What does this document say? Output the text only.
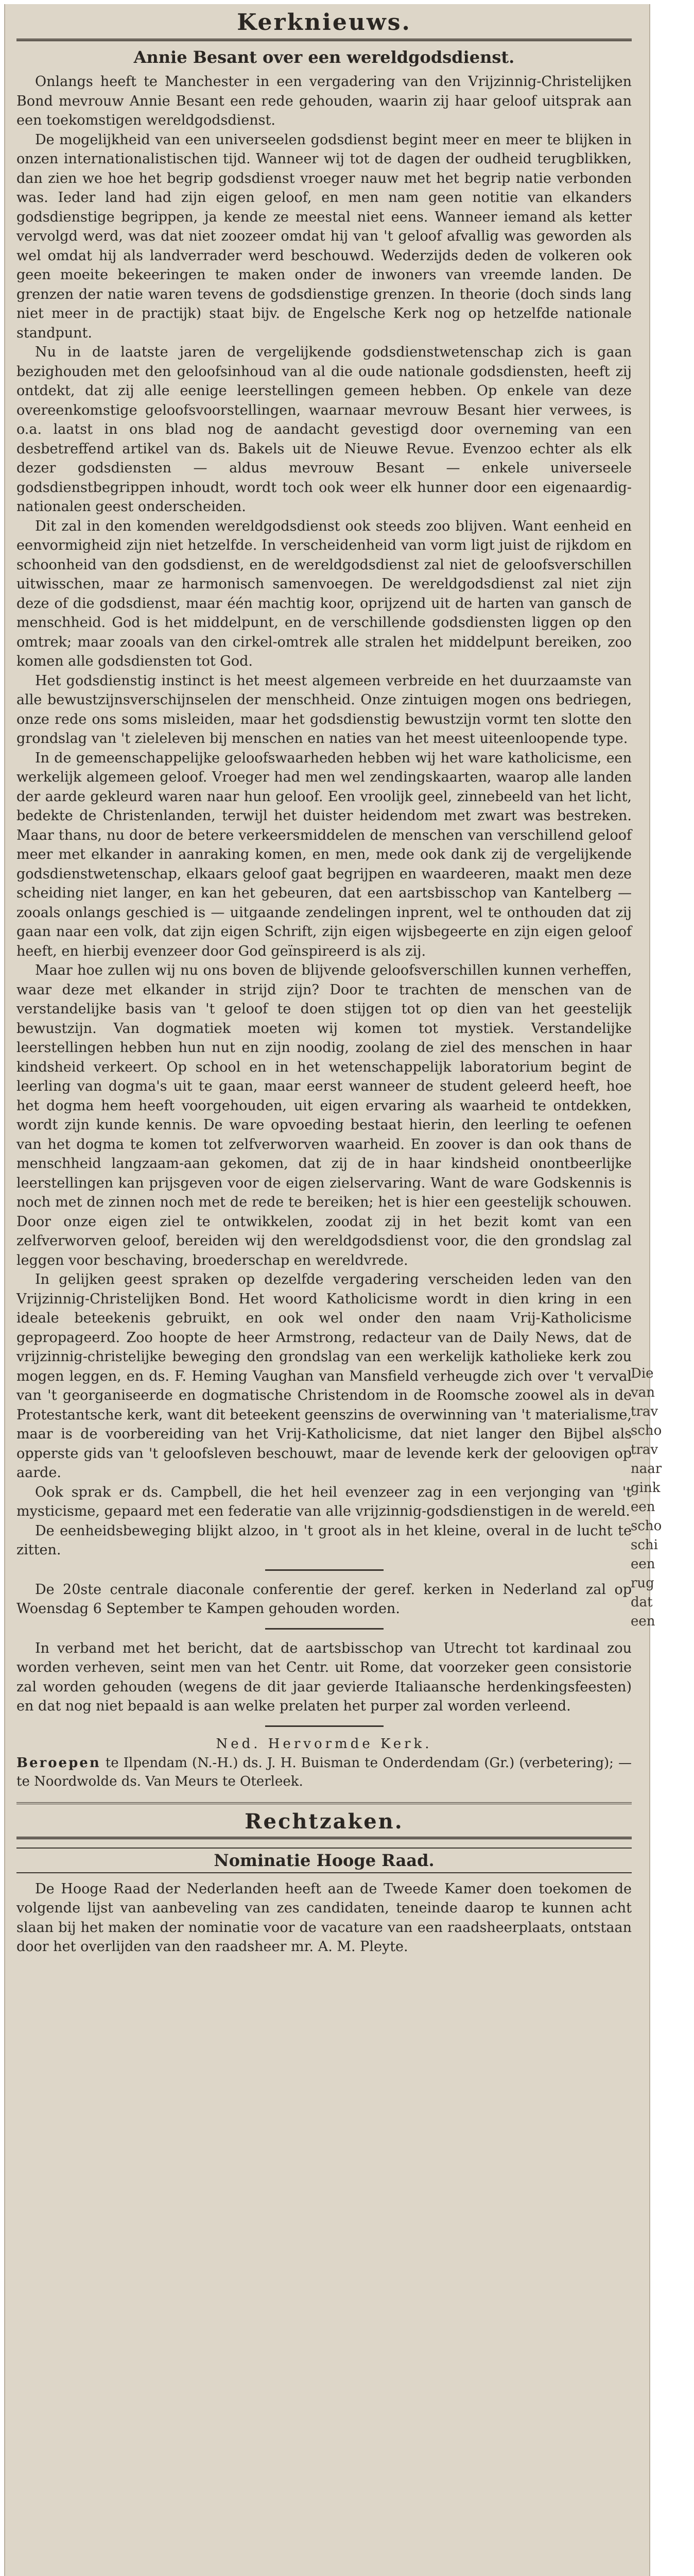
Kerknieuws.
Annie Besant over een wereldgodsdienst.

Onlangs heeft te Manchester in een vergadering van den Vrijzinnig-Christelijken Bond mevrouw Annie Besant een rede gehouden, waarin zij haar geloof uitsprak aan een toekomstigen wereldgodsdienst.

De mogelijkheid van een universeelen godsdienst begint meer en meer te blijken in onzen internationalistischen tijd. Wanneer wij tot de dagen der oudheid terugblikken, dan zien we hoe het begrip godsdienst vroeger nauw met het begrip natie verbonden was. Ieder land had zijn eigen geloof, en men nam geen notitie van elkanders godsdienstige begrippen, ja kende ze meestal niet eens. Wanneer iemand als ketter vervolgd werd, was dat niet zoozeer omdat hij van 't geloof afvallig was geworden als wel omdat hij als landverrader werd beschouwd. Wederzijds deden de volkeren ook geen moeite bekeeringen te maken onder de inwoners van vreemde landen. De grenzen der natie waren tevens de godsdienstige grenzen. In theorie (doch sinds lang niet meer in de practijk) staat bijv. de Engelsche Kerk nog op hetzelfde nationale standpunt.

Nu in de laatste jaren de vergelijkende godsdienstwetenschap zich is gaan bezighouden met den geloofsinhoud van al die oude nationale godsdiensten, heeft zij ontdekt, dat zij alle eenige leerstellingen gemeen hebben. Op enkele van deze overeenkomstige geloofsvoorstellingen, waarnaar mevrouw Besant hier verwees, is o.a. laatst in ons blad nog de aandacht gevestigd door overneming van een desbetreffend artikel van ds. Bakels uit de Nieuwe Revue. Evenzoo echter als elk dezer godsdiensten — aldus mevrouw Besant — enkele universeele godsdienstbegrippen inhoudt, wordt toch ook weer elk hunner door een eigenaardig-nationalen geest onderscheiden.

Dit zal in den komenden wereldgodsdienst ook steeds zoo blijven. Want eenheid en eenvormigheid zijn niet hetzelfde. In verscheidenheid van vorm ligt juist de rijkdom en schoonheid van den godsdienst, en de wereldgodsdienst zal niet de geloofsverschillen uitwisschen, maar ze harmonisch samenvoegen. De wereldgodsdienst zal niet zijn deze of die godsdienst, maar één machtig koor, oprijzend uit de harten van gansch de menschheid. God is het middelpunt, en de verschillende godsdiensten liggen op den omtrek; maar zooals van den cirkel-omtrek alle stralen het middelpunt bereiken, zoo komen alle godsdiensten tot God.

Het godsdienstig instinct is het meest algemeen verbreide en het duurzaamste van alle bewustzijnsverschijnselen der menschheid. Onze zintuigen mogen ons bedriegen, onze rede ons soms misleiden, maar het godsdienstig bewustzijn vormt ten slotte den grondslag van 't zieleleven bij menschen en naties van het meest uiteenloopende type.

In de gemeenschappelijke geloofswaarheden hebben wij het ware katholicisme, een werkelijk algemeen geloof. Vroeger had men wel zendingskaarten, waarop alle landen der aarde gekleurd waren naar hun geloof. Een vroolijk geel, zinnebeeld van het licht, bedekte de Christenlanden, terwijl het duister heidendom met zwart was bestreken. Maar thans, nu door de betere verkeersmiddelen de menschen van verschillend geloof meer met elkander in aanraking komen, en men, mede ook dank zij de vergelijkende godsdienstwetenschap, elkaars geloof gaat begrijpen en waardeeren, maakt men deze scheiding niet langer, en kan het gebeuren, dat een aartsbisschop van Kantelberg — zooals onlangs geschied is — uitgaande zendelingen inprent, wel te onthouden dat zij gaan naar een volk, dat zijn eigen Schrift, zijn eigen wijsbegeerte en zijn eigen geloof heeft, en hierbij evenzeer door God geïnspireerd is als zij.

Maar hoe zullen wij nu ons boven de blijvende geloofsverschillen kunnen verheffen, waar deze met elkander in strijd zijn? Door te trachten de menschen van de verstandelijke basis van 't geloof te doen stijgen tot op dien van het geestelijk bewustzijn. Van dogmatiek moeten wij komen tot mystiek. Verstandelijke leerstellingen hebben hun nut en zijn noodig, zoolang de ziel des menschen in haar kindsheid verkeert. Op school en in het wetenschappelijk laboratorium begint de leerling van dogma's uit te gaan, maar eerst wanneer de student geleerd heeft, hoe het dogma hem heeft voorgehouden, uit eigen ervaring als waarheid te ontdekken, wordt zijn kunde kennis. De ware opvoeding bestaat hierin, den leerling te oefenen van het dogma te komen tot zelfverworven waarheid. En zoover is dan ook thans de menschheid langzaam-aan gekomen, dat zij de in haar kindsheid onontbeerlijke leerstellingen kan prijsgeven voor de eigen zielservaring. Want de ware Godskennis is noch met de zinnen noch met de rede te bereiken; het is hier een geestelijk schouwen. Door onze eigen ziel te ontwikkelen, zoodat zij in het bezit komt van een zelfverworven geloof, bereiden wij den wereldgodsdienst voor, die den grondslag zal leggen voor beschaving, broederschap en wereldvrede.

In gelijken geest spraken op dezelfde vergadering verscheiden leden van den Vrijzinnig-Christelijken Bond. Het woord Katholicisme wordt in dien kring in een ideale beteekenis gebruikt, en ook wel onder den naam Vrij-Katholicisme gepropageerd. Zoo hoopte de heer Armstrong, redacteur van de Daily News, dat de vrijzinnig-christelijke beweging den grondslag van een werkelijk katholieke kerk zou mogen leggen, en ds. F. Heming Vaughan van Mansfield verheugde zich over 't verval van 't georganiseerde en dogmatische Christendom in de Roomsche zoowel als in de Protestantsche kerk, want dit beteekent geenszins de overwinning van 't materialisme, maar is de voorbereiding van het Vrij-Katholicisme, dat niet langer den Bijbel als opperste gids van 't geloofsleven beschouwt, maar de levende kerk der geloovigen op aarde.

Ook sprak er ds. Campbell, die het heil evenzeer zag in een verjonging van 't mysticisme, gepaard met een federatie van alle vrijzinnig-godsdienstigen in de wereld.

De eenheidsbeweging blijkt alzoo, in 't groot als in het kleine, overal in de lucht te zitten.

De 20ste centrale diaconale conferentie der geref. kerken in Nederland zal op Woensdag 6 September te Kampen gehouden worden.

In verband met het bericht, dat de aartsbisschop van Utrecht tot kardinaal zou worden verheven, seint men van het Centr. uit Rome, dat voorzeker geen consistorie zal worden gehouden (wegens de dit jaar gevierde Italiaansche herdenkingsfeesten) en dat nog niet bepaald is aan welke prelaten het purper zal worden verleend.

Ned. Hervormde Kerk.
Beroepen te Ilpendam (N.-H.) ds. J. H. Buisman te Onderdendam (Gr.) (verbetering); — te Noordwolde ds. Van Meurs te Oterleek.
Rechtzaken.
Nominatie Hooge Raad.

De Hooge Raad der Nederlanden heeft aan de Tweede Kamer doen toekomen de volgende lijst van aanbeveling van zes candidaten, teneinde daarop te kunnen acht slaan bij het maken der nominatie voor de vacature van een raadsheerplaats, ontstaan door het overlijden van den raadsheer mr. A. M. Pleyte.

Die
van
trav
scho
trav
naar
gink
een
scho
schi
een
rug
dat
een
